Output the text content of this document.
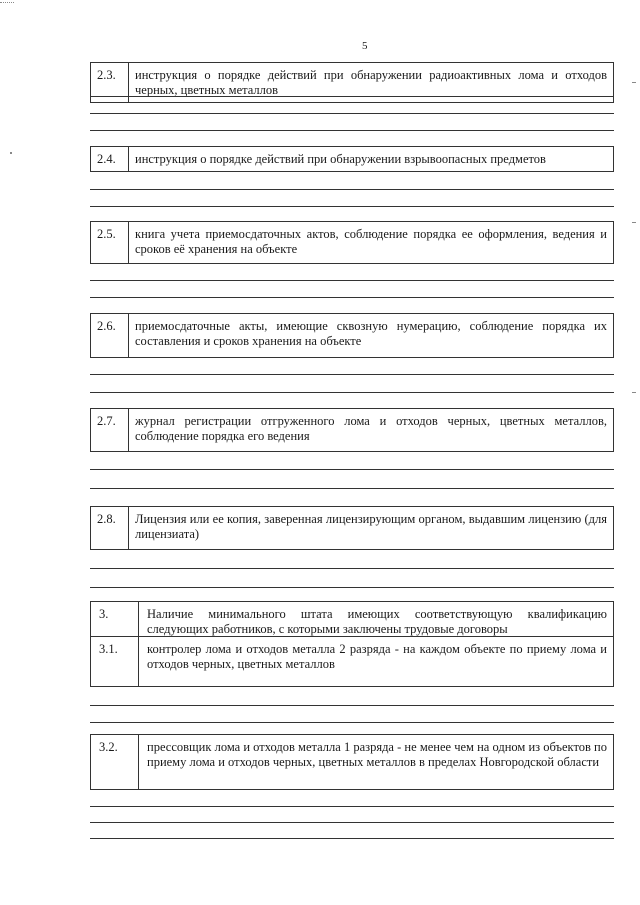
5
2.3.	инструкция о порядке действий при обнаружении радиоактивных лома и отходов черных, цветных металлов
2.4.	инструкция о порядке действий при обнаружении взрывоопасных предметов
2.5.	книга учета приемосдаточных актов, соблюдение порядка ее оформления, ведения и сроков её хранения на объекте
2.6.	приемосдаточные акты, имеющие сквозную нумерацию, соблюдение порядка их составления и сроков хранения на объекте
2.7.	журнал регистрации отгруженного лома и отходов черных, цветных металлов, соблюдение порядка его ведения
2.8.	Лицензия или ее копия, заверенная лицензирующим органом, выдавшим лицензию (для лицензиата)
3.	Наличие минимального штата имеющих соответствующую квалификацию следующих работников, с которыми заключены трудовые договоры
3.1.	контролер лома и отходов металла 2 разряда - на каждом объекте по приему лома и отходов черных, цветных металлов
3.2.	прессовщик лома и отходов металла 1 разряда - не менее чем на одном из объектов по приему лома и отходов черных, цветных металлов в пределах Новгородской области
